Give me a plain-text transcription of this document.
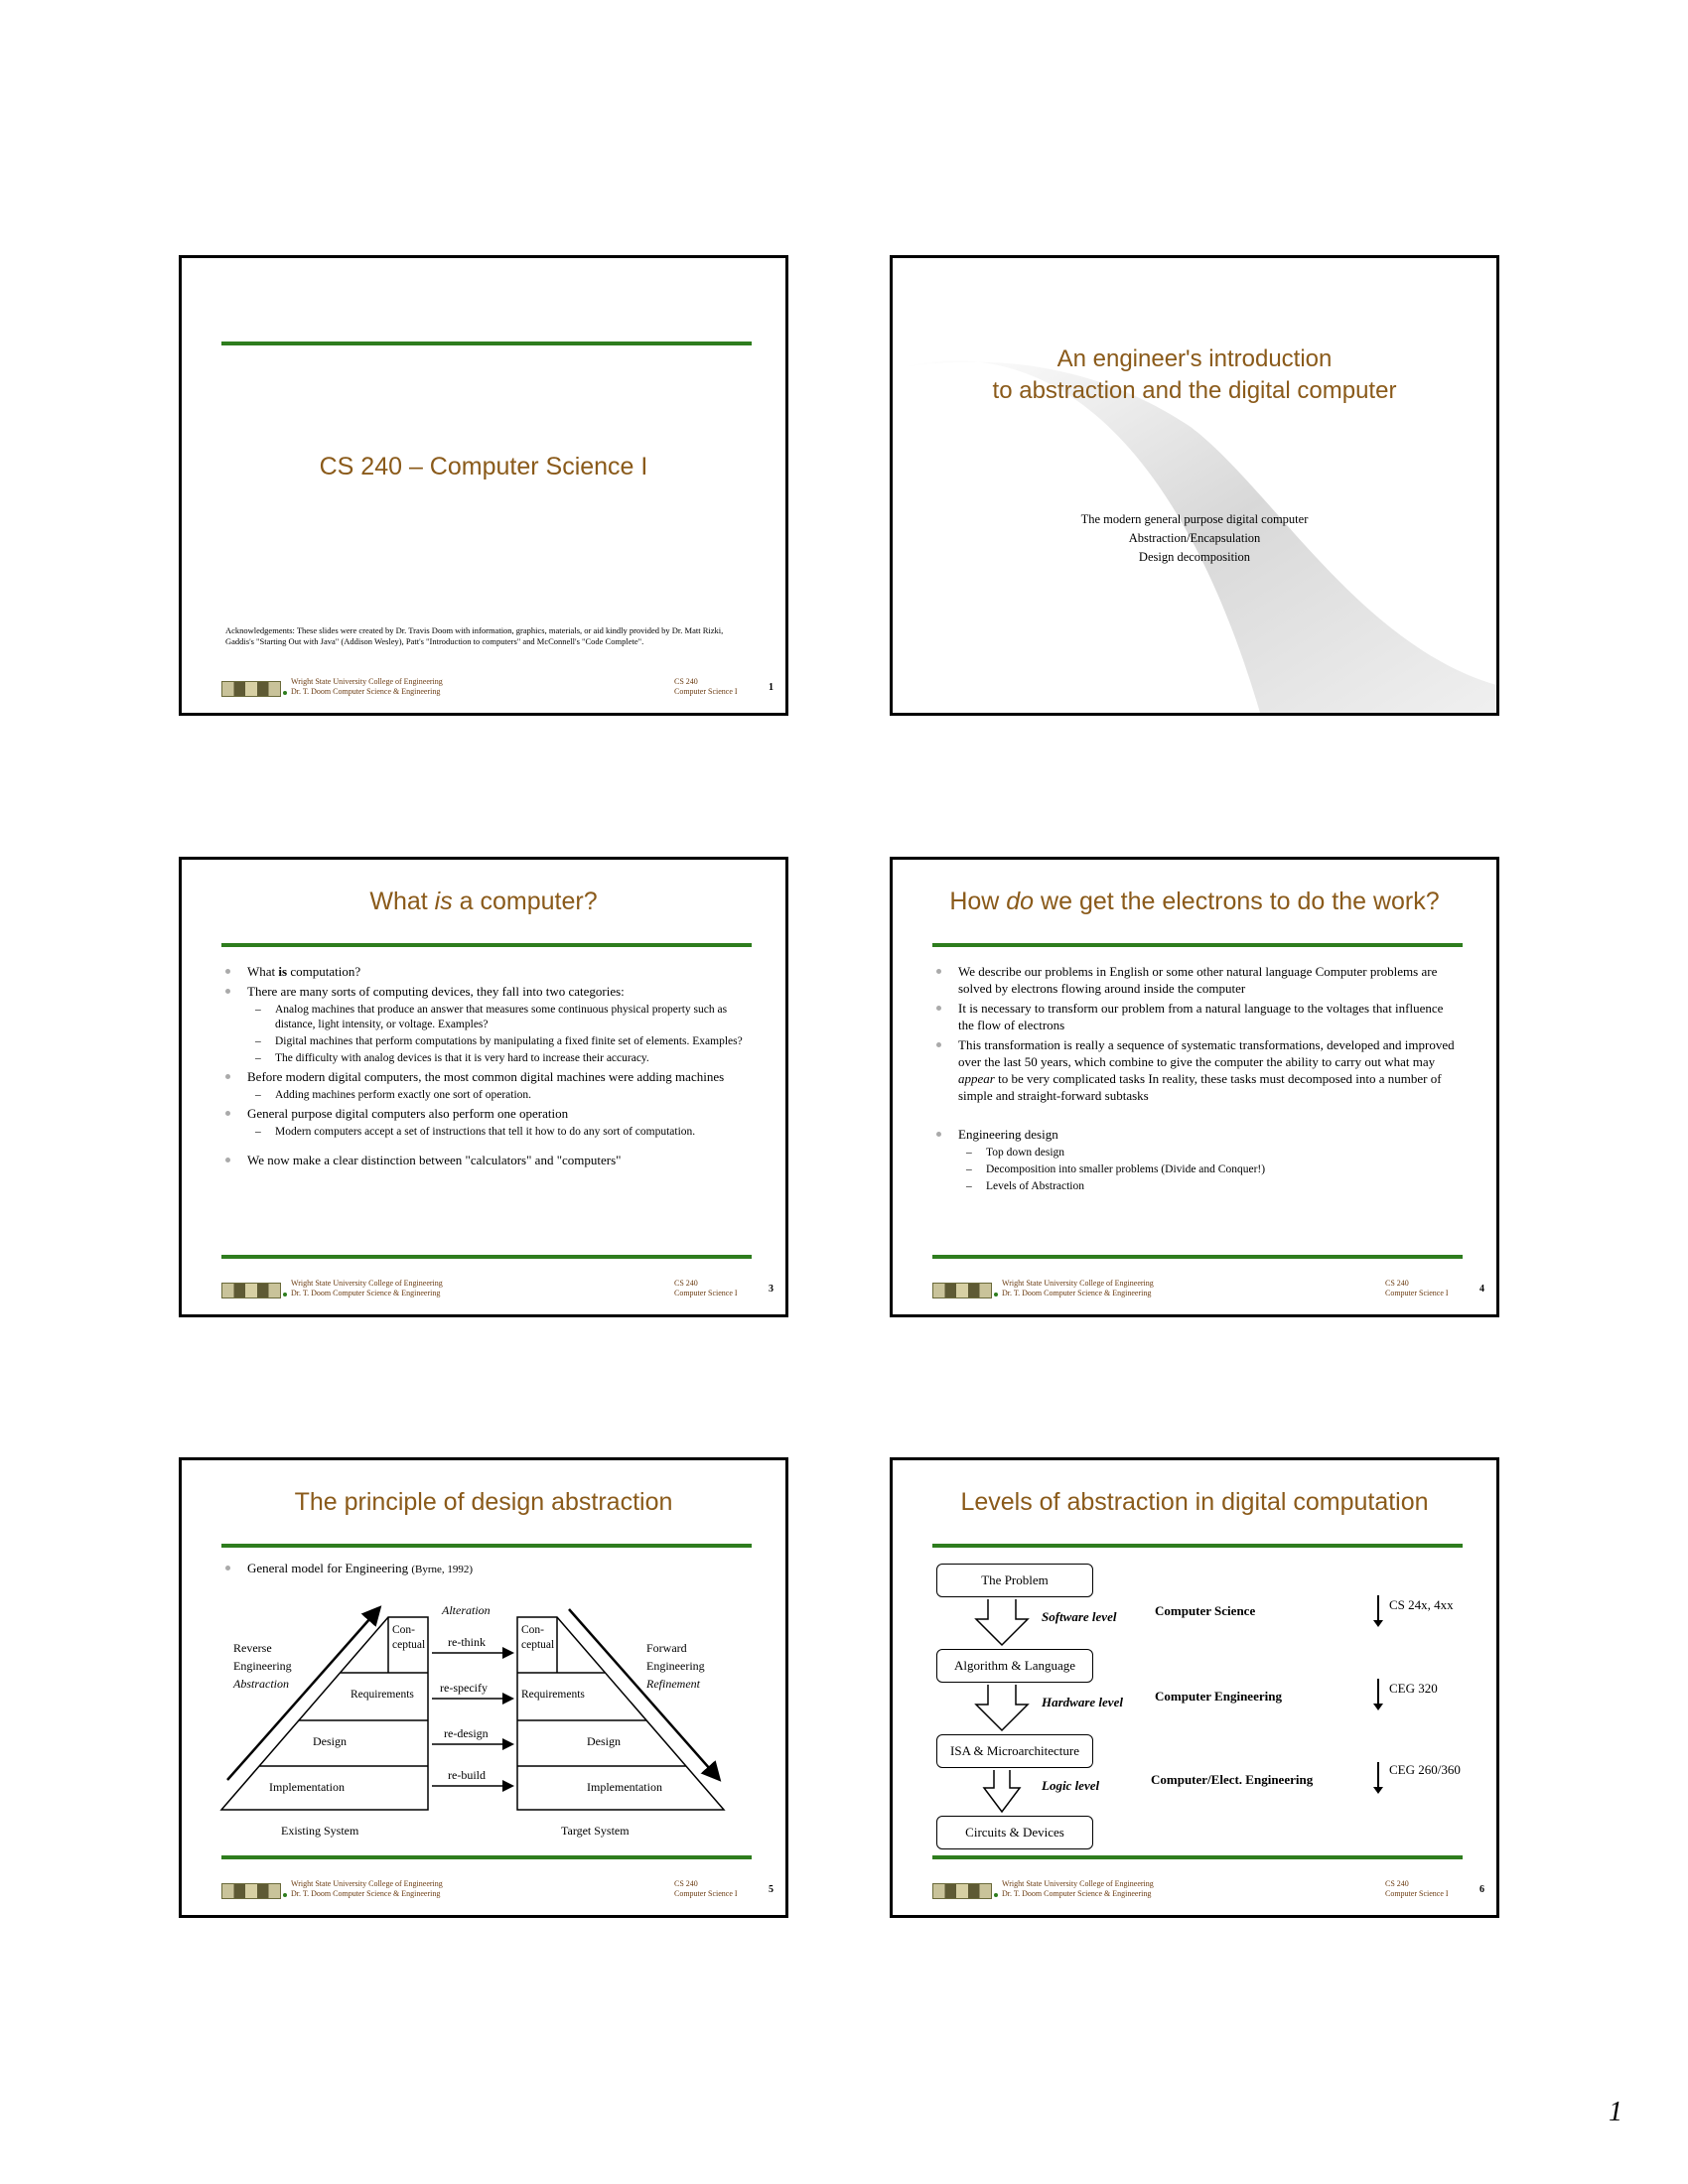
CS 240 – Computer Science I
Acknowledgements: These slides were created by Dr. Travis Doom with information, graphics, materials, or aid kindly provided by Dr. Matt Rizki, Gaddis's "Starting Out with Java" (Addison Wesley), Patt's "Introduction to computers" and McConnell's "Code Complete".
Wright State University College of Engineering
Dr. T. Doom Computer Science & Engineering
CS 240
Computer Science I	1
An engineer's introduction
to abstraction and the digital computer
The modern general purpose digital computer
Abstraction/Encapsulation
Design decomposition
What is a computer?
What is computation?
There are many sorts of computing devices, they fall into two categories:
– Analog machines that produce an answer that measures some continuous physical property such as distance, light intensity, or voltage. Examples?
– Digital machines that perform computations by manipulating a fixed finite set of elements. Examples?
– The difficulty with analog devices is that it is very hard to increase their accuracy.
Before modern digital computers, the most common digital machines were adding machines
– Adding machines perform exactly one sort of operation.
General purpose digital computers also perform one operation
– Modern computers accept a set of instructions that tell it how to do any sort of computation.
We now make a clear distinction between "calculators" and "computers"
Wright State University College of Engineering
Dr. T. Doom Computer Science & Engineering
CS 240
Computer Science I	3
How do we get the electrons to do the work?
We describe our problems in English or some other natural language Computer problems are solved by electrons flowing around inside the computer
It is necessary to transform our problem from a natural language to the voltages that influence the flow of electrons
This transformation is really a sequence of systematic transformations, developed and improved over the last 50 years, which combine to give the computer the ability to carry out what may appear to be very complicated tasks In reality, these tasks must decomposed into a number of simple and straight-forward subtasks
Engineering design
– Top down design
– Decomposition into smaller problems (Divide and Conquer!)
– Levels of Abstraction
Wright State University College of Engineering
Dr. T. Doom Computer Science & Engineering
CS 240
Computer Science I	4
The principle of design abstraction
General model for Engineering (Byrne, 1992)
Alteration
Reverse
Engineering
Abstraction
Forward
Engineering
Refinement
Con-
ceptual
Con-
ceptual
Requirements	Requirements
Design	Design
Implementation	Implementation
re-think
re-specify
re-design
re-build
Existing System	Target System
Wright State University College of Engineering
Dr. T. Doom Computer Science & Engineering
CS 240
Computer Science I	5
Levels of abstraction in digital computation
The Problem
Algorithm & Language
ISA & Microarchitecture
Circuits & Devices
Software level
Hardware level
Logic level
Computer Science
Computer Engineering
Computer/Elect. Engineering
CS 24x, 4xx
CEG 320
CEG 260/360
Wright State University College of Engineering
Dr. T. Doom Computer Science & Engineering
CS 240
Computer Science I	6
1
